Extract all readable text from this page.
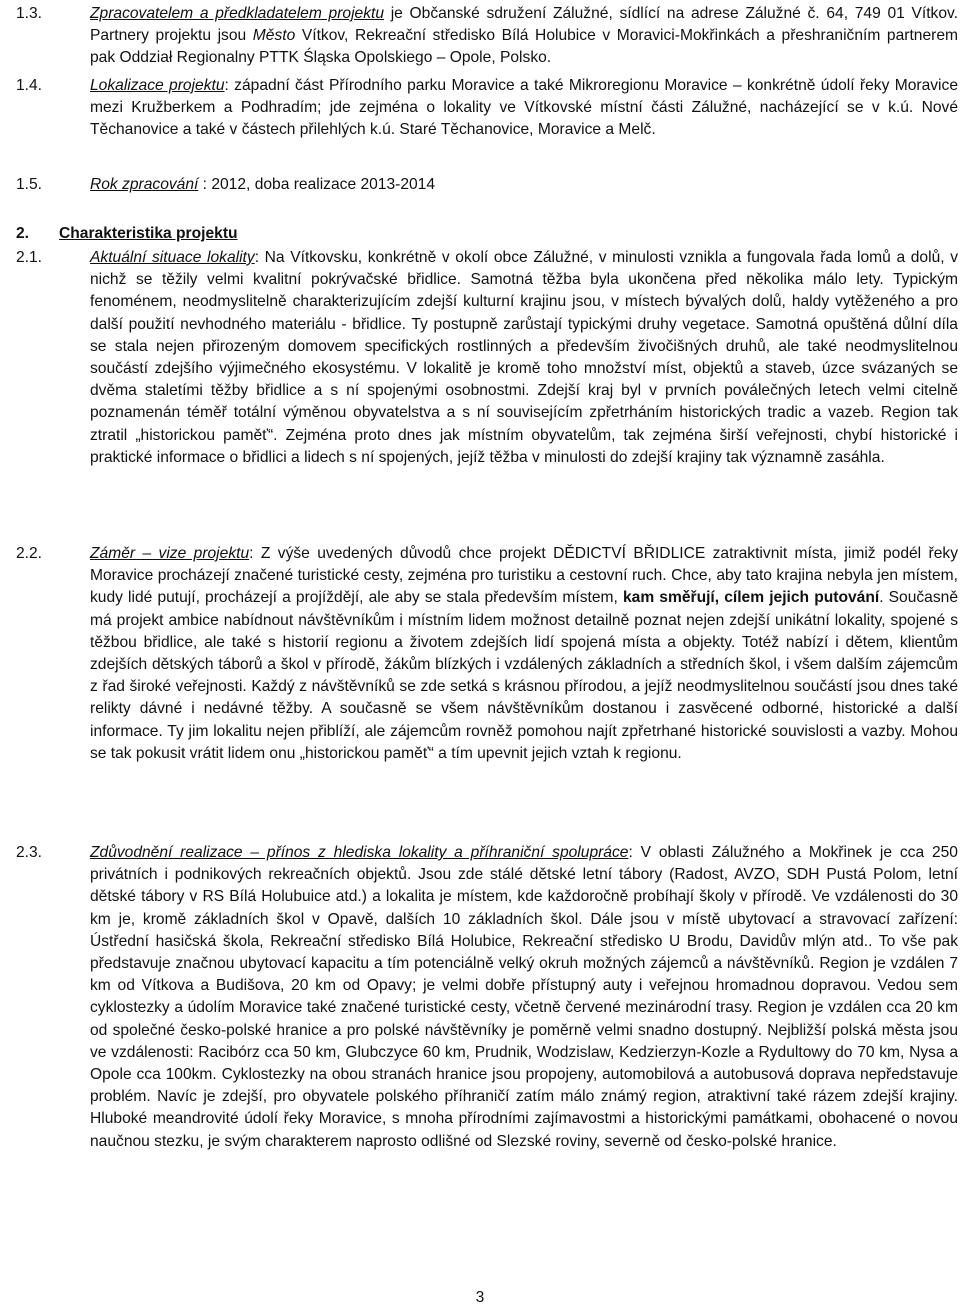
1.3.	Zpracovatelem a předkladatelem projektu je Občanské sdružení Zálužné, sídlící na adrese Zálužné č. 64, 749 01 Vítkov. Partnery projektu jsou Město Vítkov, Rekreační středisko Bílá Holubice v Moravici-Mokřinkách a přeshraničním partnerem pak Oddział Regionalny PTTK Śląska Opolskiego – Opole, Polsko.
1.4.	Lokalizace projektu: západní část Přírodního parku Moravice a také Mikroregionu Moravice – konkrétně údolí řeky Moravice mezi Kružberkem a Podhradím; jde zejména o lokality ve Vítkovské místní části Zálužné, nacházející se v k.ú. Nové Těchanovice a také v částech přilehlých k.ú. Staré Těchanovice, Moravice a Melč.
1.5.	Rok zpracování : 2012, doba realizace 2013-2014
2. Charakteristika projektu
2.1.	Aktuální situace lokality: Na Vítkovsku, konkrétně v okolí obce Zálužné, v minulosti vznikla a fungovala řada lomů a dolů, v nichž se těžily velmi kvalitní pokrývačské břidlice. Samotná těžba byla ukončena před několika málo lety. Typickým fenoménem, neodmyslitelně charakterizujícím zdejší kulturní krajinu jsou, v místech bývalých dolů, haldy vytěženého a pro další použití nevhodného materiálu - břidlice. Ty postupně zarůstají typickými druhy vegetace. Samotná opuštěná důlní díla se stala nejen přirozeným domovem specifických rostlinných a především živočišných druhů, ale také neodmyslitelnou součástí zdejšího výjimečného ekosystému. V lokalitě je kromě toho množství míst, objektů a staveb, úzce svázaných se dvěma staletími těžby břidlice a s ní spojenými osobnostmi. Zdejší kraj byl v prvních poválečných letech velmi citelně poznamenán téměř totální výměnou obyvatelstva a s ní souvisejícím zpřetrháním historických tradic a vazeb. Region tak ztratil „historickou paměť“. Zejména proto dnes jak místním obyvatelům, tak zejména širší veřejnosti, chybí historické i praktické informace o břidlici a lidech s ní spojených, jejíž těžba v minulosti do zdejší krajiny tak významně zasáhla.
2.2.	Záměr – vize projektu: Z výše uvedených důvodů chce projekt DĚDICTVÍ BŘIDLICE zatraktivnit místa, jimiž podél řeky Moravice procházejí značené turistické cesty, zejména pro turistiku a cestovní ruch. Chce, aby tato krajina nebyla jen místem, kudy lidé putují, procházejí a projíždějí, ale aby se stala především místem, kam směřují, cílem jejich putování. Současně má projekt ambice nabídnout návštěvníkům i místním lidem možnost detailně poznat nejen zdejší unikátní lokality, spojené s těžbou břidlice, ale také s historií regionu a životem zdejších lidí spojená místa a objekty. Totéž nabízí i dětem, klientům zdejších dětských táborů a škol v přírodě, žákům blízkých i vzdálených základních a středních škol, i všem dalším zájemcům z řad široké veřejnosti. Každý z návštěvníků se zde setká s krásnou přírodou, a jejíž neodmyslitelnou součástí jsou dnes také relikty dávné i nedávné těžby. A současně se všem návštěvníkům dostanou i zasvěcené odborné, historické a další informace. Ty jim lokalitu nejen přiblíží, ale zájemcům rovněž pomohou najít zpřetrhané historické souvislosti a vazby. Mohou se tak pokusit vrátit lidem onu „historickou paměť“ a tím upevnit jejich vztah k regionu.
2.3.	Zdůvodnění realizace – přínos z hlediska lokality a příhraniční spolupráce: V oblasti Zálužného a Mokřinek je cca 250 privátních i podnikových rekreačních objektů. Jsou zde stálé dětské letní tábory (Radost, AVZO, SDH Pustá Polom, letní dětské tábory v RS Bílá Holubuice atd.) a lokalita je místem, kde každoročně probíhají školy v přírodě. Ve vzdálenosti do 30 km je, kromě základních škol v Opavě, dalších 10 základních škol. Dále jsou v místě ubytovací a stravovací zařízení: Ústřední hasičská škola, Rekreační středisko Bílá Holubice, Rekreační středisko U Brodu, Davidův mlýn atd.. To vše pak představuje značnou ubytovací kapacitu a tím potenciálně velký okruh možných zájemců a návštěvníků. Region je vzdálen 7 km od Vítkova a Budišova, 20 km od Opavy; je velmi dobře přístupný auty i veřejnou hromadnou dopravou. Vedou sem cyklostezky a údolím Moravice také značené turistické cesty, včetně červené mezinárodní trasy. Region je vzdálen cca 20 km od společné česko-polské hranice a pro polské návštěvníky je poměrně velmi snadno dostupný. Nejbližší polská města jsou ve vzdálenosti: Racibórz cca 50 km, Glubczyce 60 km, Prudnik, Wodzislaw, Kedzierzyn-Kozle a Rydultowy do 70 km, Nysa a Opole cca 100km. Cyklostezky na obou stranách hranice jsou propojeny, automobilová a autobusová doprava nepředstavuje problém. Navíc je zdejší, pro obyvatele polského příhraničí zatím málo známý region, atraktivní také rázem zdejší krajiny. Hluboké meandrovité údolí řeky Moravice, s mnoha přírodními zajímavostmi a historickými památkami, obohacené o novou naučnou stezku, je svým charakterem naprosto odlišné od Slezské roviny, severně od česko-polské hranice.
3
